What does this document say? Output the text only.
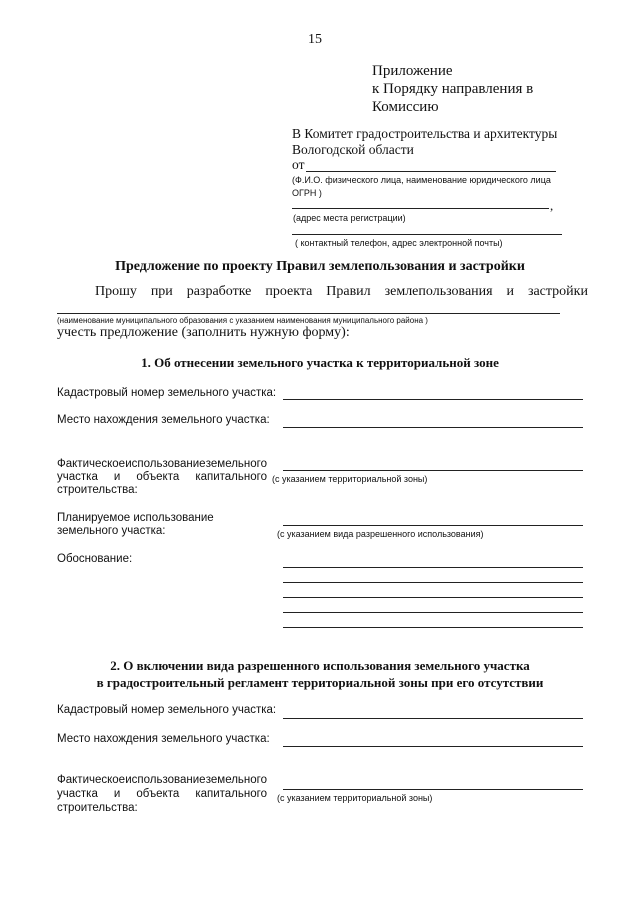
15
Приложение
к Порядку направления в
Комиссию
В Комитет градостроительства и архитектуры
Вологодской области
от
(Ф.И.О. физического лица, наименование юридического лица
ОГРН )
,
(адрес места регистрации)
( контактный телефон, адрес электронной почты)
Предложение по проекту Правил землепользования и застройки
Прошу при разработке проекта Правил землепользования и застройки
(наименование муниципального образования с указанием наименования муниципального района )
учесть предложение (заполнить нужную форму):
1. Об отнесении земельного участка к территориальной зоне
Кадастровый номер земельного участка:
Место нахождения земельного участка:
Фактическое использование земельного
участка и объекта капитального
строительства:
(с указанием территориальной зоны)
Планируемое использование
земельного участка:	(с указанием вида разрешенного использования)
Обоснование:
2. О включении вида разрешенного использования земельного участка
в градостроительный регламент территориальной зоны при его отсутствии
Кадастровый номер земельного участка:
Место нахождения земельного участка:
Фактическое использование земельного
участка и объекта капитального
строительства:
(с указанием территориальной зоны)
